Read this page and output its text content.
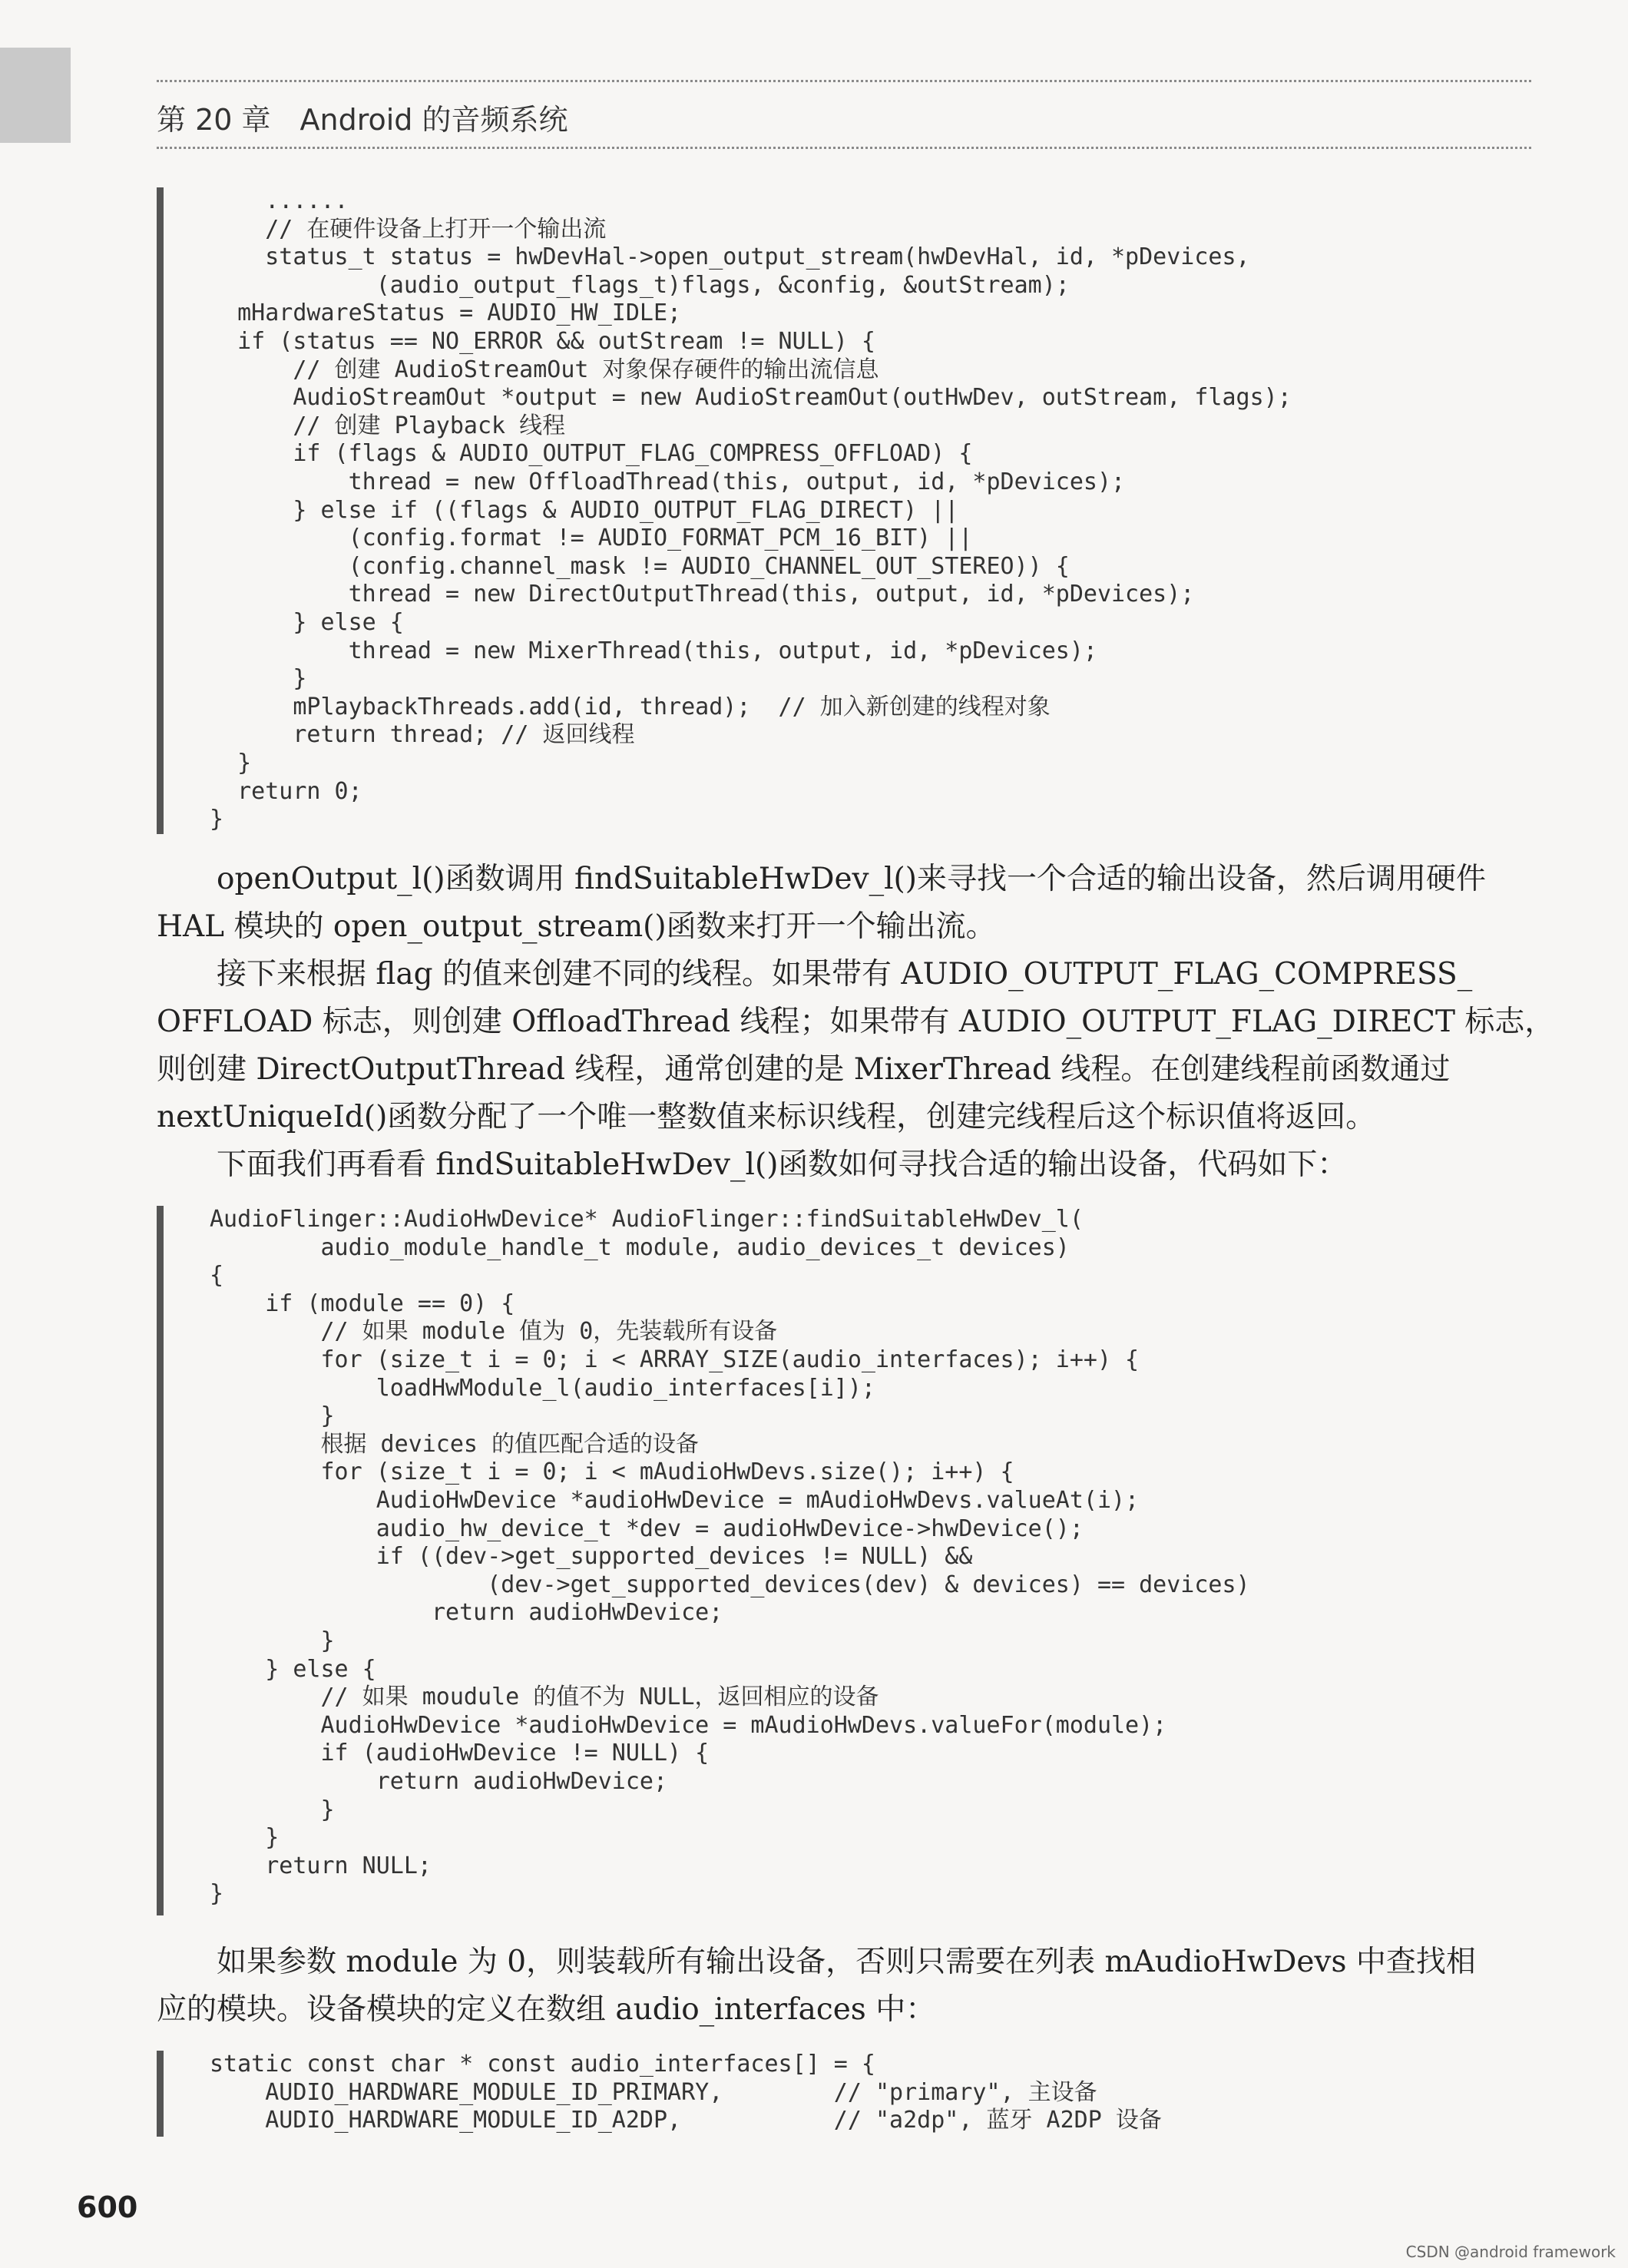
第 20 章　Android 的音频系统
......
// 在硬件设备上打开一个输出流
status_t status = hwDevHal->open_output_stream(hwDevHal, id, *pDevices,
(audio_output_flags_t)flags, &config, &outStream);
mHardwareStatus = AUDIO_HW_IDLE;
if (status == NO_ERROR && outStream != NULL) {
// 创建 AudioStreamOut 对象保存硬件的输出流信息
AudioStreamOut *output = new AudioStreamOut(outHwDev, outStream, flags);
// 创建 Playback 线程
if (flags & AUDIO_OUTPUT_FLAG_COMPRESS_OFFLOAD) {
thread = new OffloadThread(this, output, id, *pDevices);
} else if ((flags & AUDIO_OUTPUT_FLAG_DIRECT) ||
(config.format != AUDIO_FORMAT_PCM_16_BIT) ||
(config.channel_mask != AUDIO_CHANNEL_OUT_STEREO)) {
thread = new DirectOutputThread(this, output, id, *pDevices);
} else {
thread = new MixerThread(this, output, id, *pDevices);
}
mPlaybackThreads.add(id, thread);  // 加入新创建的线程对象
return thread; // 返回线程
}
return 0;
}
　　openOutput_l()函数调用 findSuitableHwDev_l()来寻找一个合适的输出设备，然后调用硬件
HAL 模块的 open_output_stream()函数来打开一个输出流。
　　接下来根据 flag 的值来创建不同的线程。如果带有 AUDIO_OUTPUT_FLAG_COMPRESS_
OFFLOAD 标志，则创建 OffloadThread 线程；如果带有 AUDIO_OUTPUT_FLAG_DIRECT 标志，
则创建 DirectOutputThread 线程，通常创建的是 MixerThread 线程。在创建线程前函数通过
nextUniqueId()函数分配了一个唯一整数值来标识线程，创建完线程后这个标识值将返回。
　　下面我们再看看 findSuitableHwDev_l()函数如何寻找合适的输出设备，代码如下：
AudioFlinger::AudioHwDevice* AudioFlinger::findSuitableHwDev_l(
audio_module_handle_t module, audio_devices_t devices)
{
if (module == 0) {
// 如果 module 值为 0，先装载所有设备
for (size_t i = 0; i < ARRAY_SIZE(audio_interfaces); i++) {
loadHwModule_l(audio_interfaces[i]);
}
根据 devices 的值匹配合适的设备
for (size_t i = 0; i < mAudioHwDevs.size(); i++) {
AudioHwDevice *audioHwDevice = mAudioHwDevs.valueAt(i);
audio_hw_device_t *dev = audioHwDevice->hwDevice();
if ((dev->get_supported_devices != NULL) &&
(dev->get_supported_devices(dev) & devices) == devices)
return audioHwDevice;
}
} else {
// 如果 moudule 的值不为 NULL，返回相应的设备
AudioHwDevice *audioHwDevice = mAudioHwDevs.valueFor(module);
if (audioHwDevice != NULL) {
return audioHwDevice;
}
}
return NULL;
}
　　如果参数 module 为 0，则装载所有输出设备，否则只需要在列表 mAudioHwDevs 中查找相
应的模块。设备模块的定义在数组 audio_interfaces 中：
static const char * const audio_interfaces[] = {
AUDIO_HARDWARE_MODULE_ID_PRIMARY,        // "primary", 主设备
AUDIO_HARDWARE_MODULE_ID_A2DP,           // "a2dp", 蓝牙 A2DP 设备
600
CSDN @android framework
